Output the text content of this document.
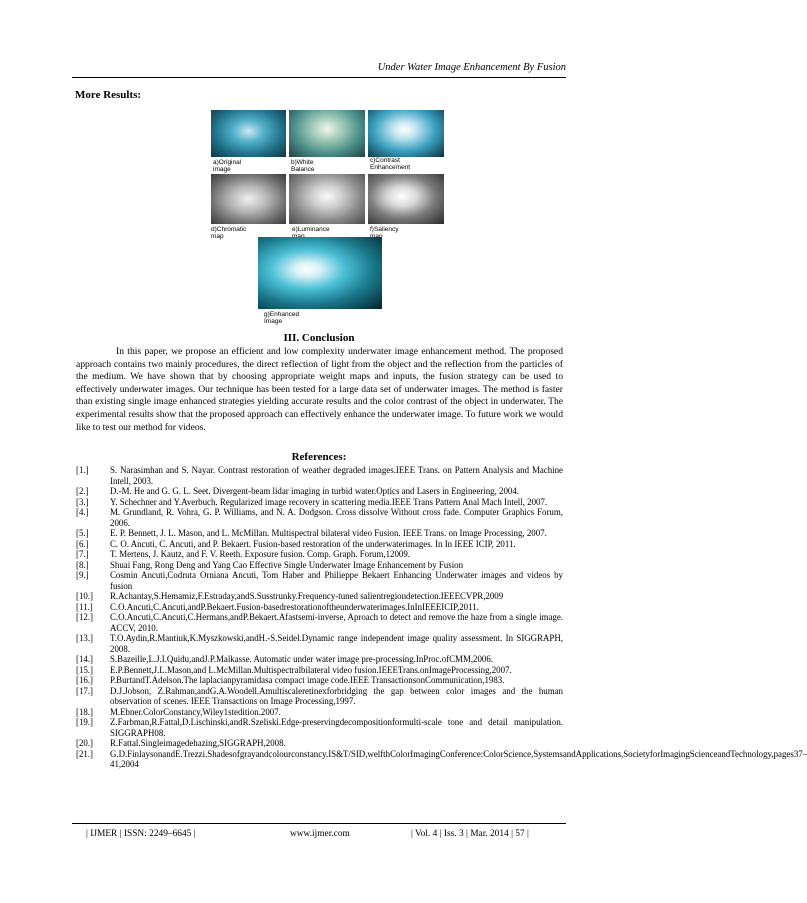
Under Water Image Enhancement By Fusion
More Results:
a)Original image
b)White Balance
c)Contrast
Enhancement
d)Chromatic map
e)Luminance	f)Saliency
g)Enhanced Image
III. Conclusion

In this paper, we propose an efficient and low complexity underwater image enhancement method. The proposed approach contains two mainly procedures, the direct reflection of light from the object and the reflection from the particles of the medium. We have shown that by choosing appropriate weight maps and inputs, the fusion strategy can be used to effectively underwater images. Our technique has been tested for a large data set of underwater images. The method is faster than existing single image enhanced strategies yielding accurate results and the color contrast of the object in underwater. The experimental results show that the proposed approach can effectively enhance the underwater image. To future work we would like to test our method for videos.

References:
[1.]	S. Narasimhan and S. Nayar. Contrast restoration of weather degraded images.IEEE Trans. on Pattern Analysis and Machine Intell, 2003.
[2.]	D.-M. He and G. G. L. Seet. Divergent-beam lidar imaging in turbid water.Optics and Lasers in Engineering, 2004.
[3.]	Y. Schechner and Y.Averbuch. Regularized image recovery in scattering media.IEEE Trans Pattern Anal Mach Intell, 2007.
[4.]	M. Grundland, R. Vohra, G. P. Williams, and N. A. Dodgson. Cross dissolve Without cross fade. Computer Graphics Forum, 2006.
[5.]	E. P. Bennett, J. L. Mason, and L. McMillan. Multispectral bilateral video Fusion. IEEE Trans. on Image Processing, 2007.
[6.]	C. O. Ancuti, C. Ancuti, and P. Bekaert. Fusion-based restoration of the underwaterimages. In In IEEE ICIP, 2011.
[7.]	T. Mertens, J. Kautz, and F. V. Reeth. Exposure fusion. Comp. Graph. Forum,12009.
[8.]	Shuai Fang, Rong Deng and Yang Cao Effective Single Underwater Image Enhancement by Fusion
[9.]	Cosmin Ancuti,Codruta Orniana Ancuti, Tom Haber and Philieppe Bekaert Enhancing Underwater images and videos by fusion
[10.]	R.Achantay,S.Hemamiz,F.Estraday,andS.Susstrunky.Frequency-tuned salientregiondetection.IEEECVPR,2009
[11.]	C.O.Ancuti,C.Ancuti,andP.Bekaert.Fusion-basedrestorationoftheunderwaterimages.InInIEEEICIP,2011.
[12.]	C.O.Ancuti,C.Ancuti,C.Hermans,andP.Bekaert.Afastsemi-inverse, Aproach to detect and remove the haze from a single image. ACCV, 2010.
[13.]	T.O.Aydin,R.Mantiuk,K.Myszkowski,andH.-S.Seidel.Dynamic range independent image quality assessment. In SIGGRAPH, 2008.
[14.]	S.Bazeille,L.J.I.Quidu,andJ.P.Malkasse. Automatic under water image pre-processing.InProc.ofCMM,2006.
[15.]	E.P.Bennett,J.L.Mason,and L.McMillan.Multispectralbilateral video fusion.IEEETrans.onImageProcessing,2007.
[16.]	P.BurtandT.Adelson.The laplacianpyramidasa compact image code.IEEE TransactionsonCommunication,1983.
[17.]	D.J.Jobson, Z.Rahman,andG.A.Woodell.Amultiscaleretinexforbridging the gap between color images and the human observation of scenes. IEEE Transactions on Image Processing,1997.
[18.]	M.Ebner.ColorConstancy,Wiley1stedition.2007.
[19.]	Z.Farbman,R.Fattal,D.Lischinski,andR.Szeliski.Edge-preservingdecompositionformulti-scale tone and detail manipulation. SIGGRAPH08.
[20.]	R.Fattal.Singleimagedehazing,SIGGRAPH,2008.
[21.]	G.D.FinlaysonandE.Trezzi.Shadesofgrayandcolourconstancy.IS&T/SID,welfthColorImagingConference:ColorScience,SystemsandApplications,SocietyforImagingScienceandTechnology,pages37–41,2004
| IJMER | ISSN: 2249–6645 |	www.ijmer.com	| Vol. 4 | Iss. 3 | Mar. 2014 | 57 |
